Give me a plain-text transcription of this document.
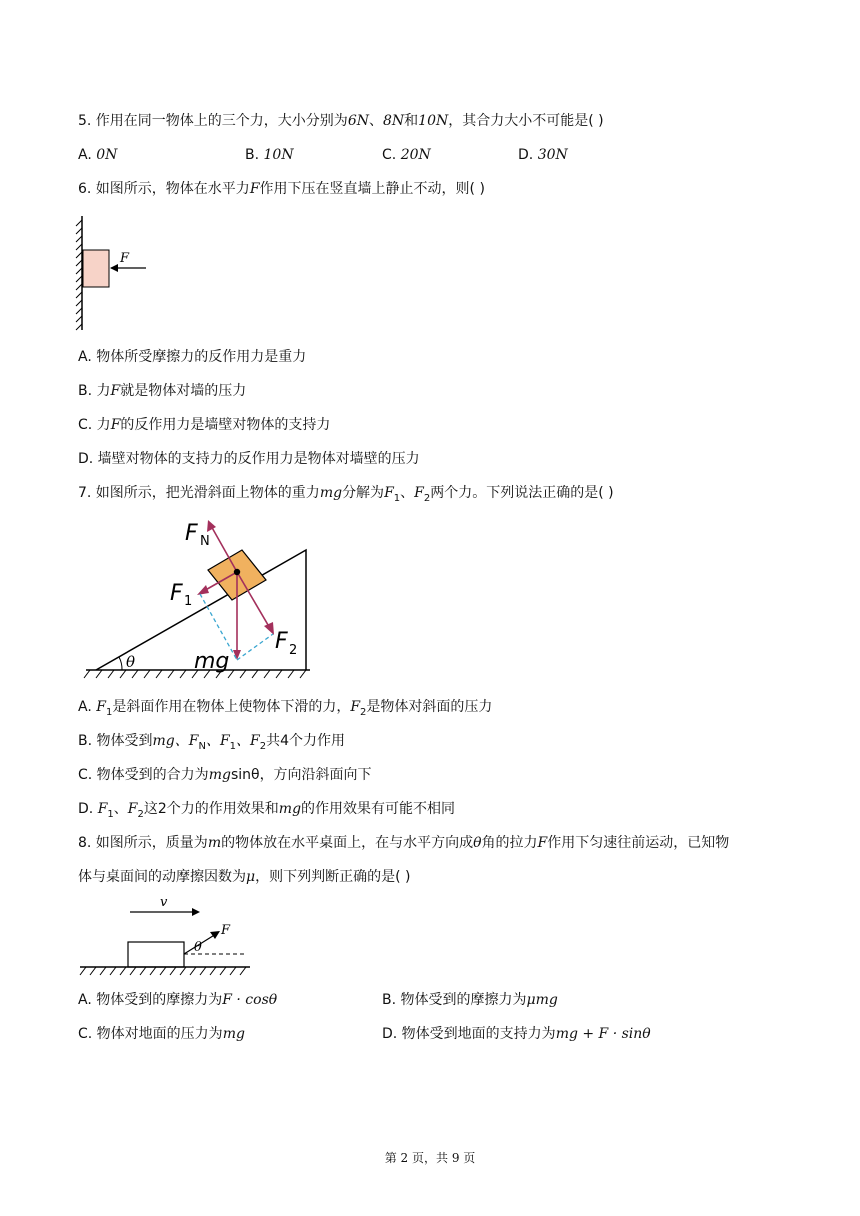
5. 作用在同一物体上的三个力，大小分别为6N、8N和10N，其合力大小不可能是( )
A. 0N	B. 10N	C. 20N	D. 30N
6. 如图所示，物体在水平力F作用下压在竖直墙上静止不动，则( )
F
A. 物体所受摩擦力的反作用力是重力
B. 力F就是物体对墙的压力
C. 力F的反作用力是墙壁对物体的支持力
D. 墙壁对物体的支持力的反作用力是物体对墙壁的压力
7. 如图所示，把光滑斜面上物体的重力mg分解为$F_1$、$F_2$两个力。下列说法正确的是( )
θ
F N
F 1
F 2
mg
A. $F_1$是斜面作用在物体上使物体下滑的力，$F_2$是物体对斜面的压力
B. 物体受到mg、$F_N$、$F_1$、$F_2$共4个力作用
C. 物体受到的合力为mgsinθ，方向沿斜面向下
D. $F_1$、$F_2$这2个力的作用效果和mg的作用效果有可能不相同
8. 如图所示，质量为m的物体放在水平桌面上，在与水平方向成θ角的拉力F作用下匀速往前运动，已知物
体与桌面间的动摩擦因数为μ，则下列判断正确的是( )
v
F
θ
A. 物体受到的摩擦力为F · cosθ	B. 物体受到的摩擦力为μmg
C. 物体对地面的压力为mg	D. 物体受到地面的支持力为mg + F · sinθ
第 2 页，共 9 页
